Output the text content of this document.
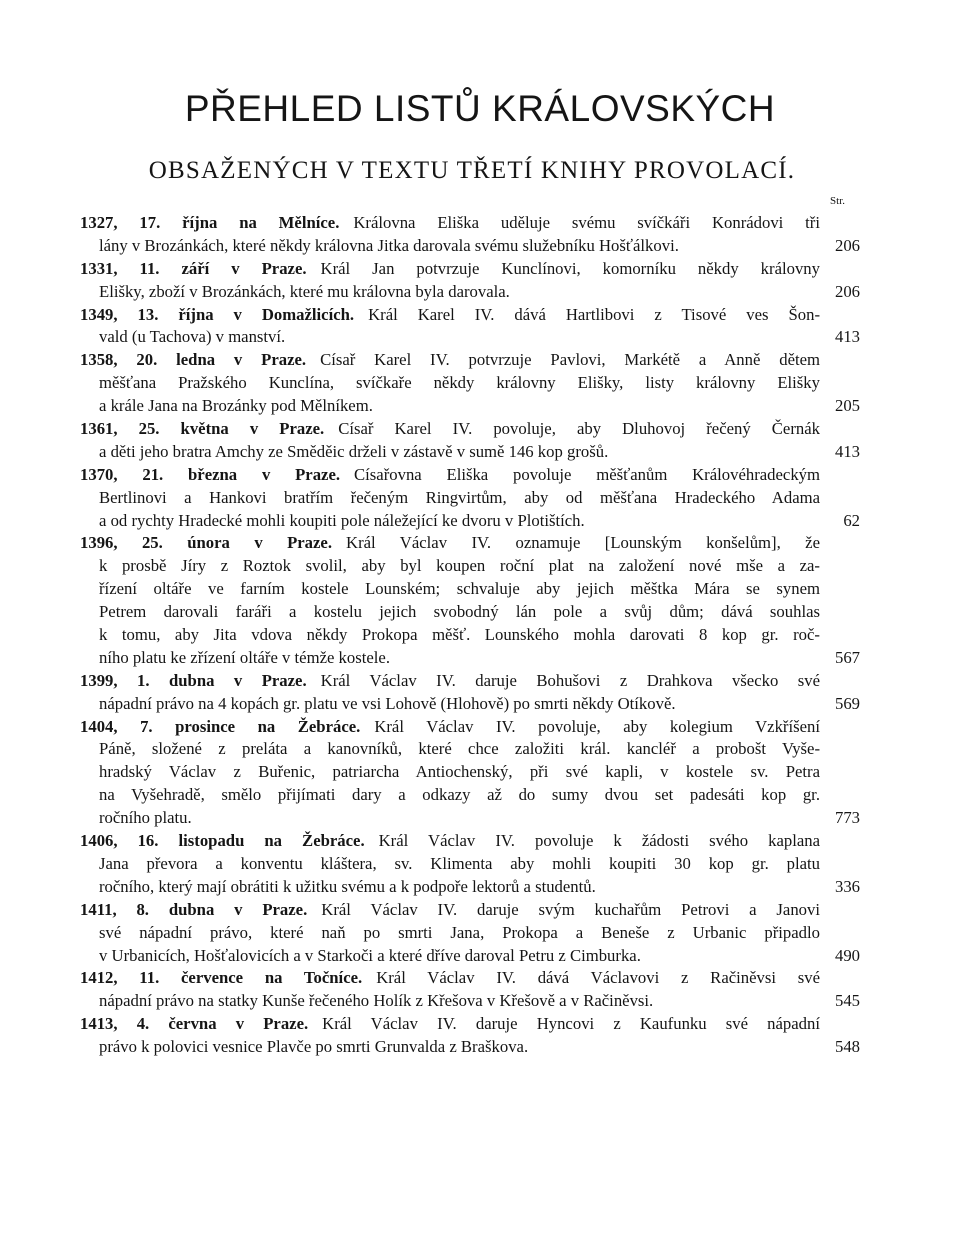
PŘEHLED LISTŮ KRÁLOVSKÝCH
OBSAŽENÝCH V TEXTU TŘETÍ KNIHY PROVOLACÍ.
Str.
1327, 17. října na Mělníce. Královna Eliška uděluje svému svíčkáři Konrádovi tři
lány v Brozánkách, které někdy královna Jitka darovala svému služebníku Hošťálkovi.	206
1331, 11. září v Praze. Král Jan potvrzuje Kunclínovi, komorníku někdy královny
Elišky, zboží v Brozánkách, které mu královna byla darovala.	206
1349, 13. října v Domažlicích. Král Karel IV. dává Hartlibovi z Tisové ves Šon-
vald (u Tachova) v manství.	413
1358, 20. ledna v Praze. Císař Karel IV. potvrzuje Pavlovi, Markétě a Anně dětem
měšťana Pražského Kunclína, svíčkaře někdy královny Elišky, listy královny Elišky
a krále Jana na Brozánky pod Mělníkem.	205
1361, 25. května v Praze. Císař Karel IV. povoluje, aby Dluhovoj řečený Černák
a děti jeho bratra Amchy ze Směděic drželi v zástavě v sumě 146 kop grošů.	413
1370, 21. března v Praze. Císařovna Eliška povoluje měšťanům Královéhradeckým
Bertlinovi a Hankovi bratřím řečeným Ringvirtům, aby od měšťana Hradeckého Adama
a od rychty Hradecké mohli koupiti pole náležející ke dvoru v Plotištích.	62
1396, 25. února v Praze. Král Václav IV. oznamuje [Lounským konšelům], že
k prosbě Jíry z Roztok svolil, aby byl koupen roční plat na založení nové mše a za-
řízení oltáře ve farním kostele Lounském; schvaluje aby jejich měštka Mára se synem
Petrem darovali faráři a kostelu jejich svobodný lán pole a svůj dům; dává souhlas
k tomu, aby Jita vdova někdy Prokopa měšť. Lounského mohla darovati 8 kop gr. roč-
ního platu ke zřízení oltáře v témže kostele.	567
1399, 1. dubna v Praze. Král Václav IV. daruje Bohušovi z Drahkova všecko své
nápadní právo na 4 kopách gr. platu ve vsi Lohově (Hlohově) po smrti někdy Otíkově.	569
1404, 7. prosince na Žebráce. Král Václav IV. povoluje, aby kolegium Vzkříšení
Páně, složené z preláta a kanovníků, které chce založiti král. kancléř a probošt Vyše-
hradský Václav z Buřenic, patriarcha Antiochenský, při své kapli, v kostele sv. Petra
na Vyšehradě, smělo přijímati dary a odkazy až do sumy dvou set padesáti kop gr.
ročního platu.	773
1406, 16. listopadu na Žebráce. Král Václav IV. povoluje k žádosti svého kaplana
Jana převora a konventu kláštera, sv. Klimenta aby mohli koupiti 30 kop gr. platu
ročního, který mají obrátiti k užitku svému a k podpoře lektorů a studentů.	336
1411, 8. dubna v Praze. Král Václav IV. daruje svým kuchařům Petrovi a Janovi
své nápadní právo, které naň po smrti Jana, Prokopa a Beneše z Urbanic připadlo
v Urbanicích, Hošťalovicích a v Starkoči a které dříve daroval Petru z Cimburka.	490
1412, 11. července na Točníce. Král Václav IV. dává Václavovi z Račiněvsi své
nápadní právo na statky Kunše řečeného Holík z Křešova v Křešově a v Račiněvsi.	545
1413, 4. června v Praze. Král Václav IV. daruje Hyncovi z Kaufunku své nápadní
právo k polovici vesnice Plavče po smrti Grunvalda z Braškova.	548
